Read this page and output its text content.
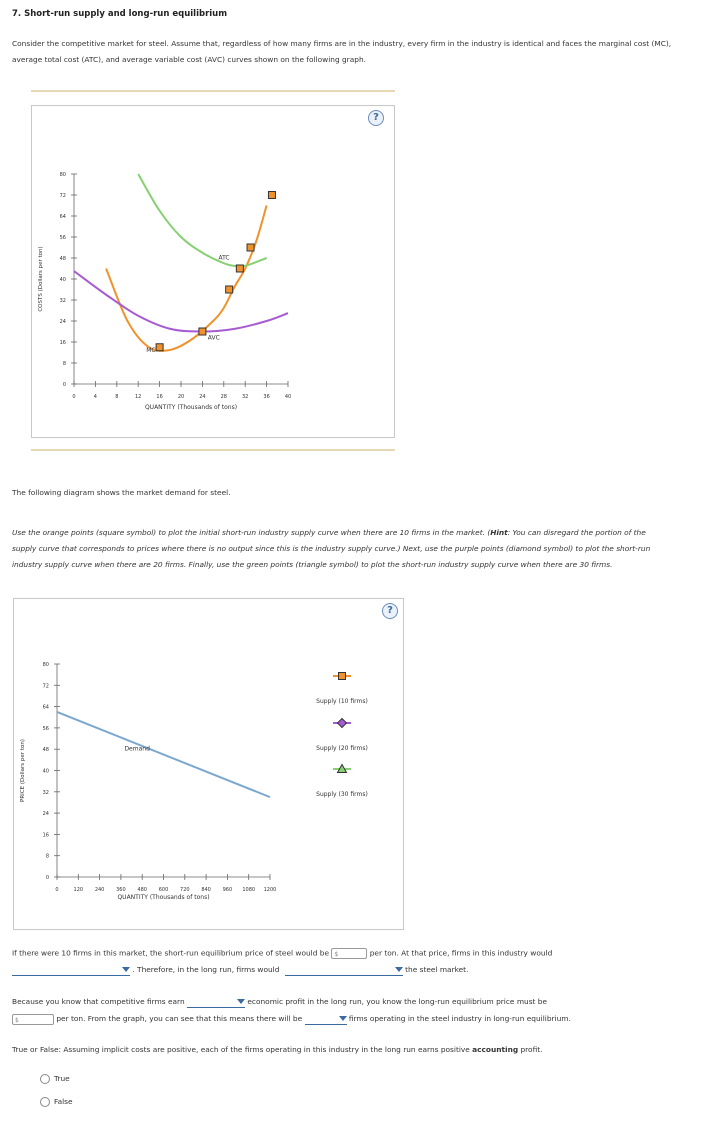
7. Short-run supply and long-run equilibrium
Consider the competitive market for steel. Assume that, regardless of how many firms are in the industry, every firm in the industry is identical and faces the marginal cost (MC), average total cost (ATC), and average variable cost (AVC) curves shown on the following graph.
?
80
72
64
56
48
40
32
24
16
8
0
0	4	8	12	16	20	24	28	32	36	40
MC
ATC
AVC
COSTS (Dollars per ton)
QUANTITY (Thousands of tons)
The following diagram shows the market demand for steel.
Use the orange points (square symbol) to plot the initial short-run industry supply curve when there are 10 firms in the market. (Hint: You can disregard the portion of the supply curve that corresponds to prices where there is no output since this is the industry supply curve.) Next, use the purple points (diamond symbol) to plot the short-run industry supply curve when there are 20 firms. Finally, use the green points (triangle symbol) to plot the short-run industry supply curve when there are 30 firms.
?
80
72
64
56
48
40
32
24
16
8
0
0	120 240 360 480 600 720 840 960 1080 1200
Demand
PRICE (Dollars per ton)
QUANTITY (Thousands of tons)
Supply (10 firms)
Supply (20 firms)
Supply (30 firms)
If there were 10 firms in this market, the short-run equilibrium price of steel would be $	per ton. At that price, firms in this industry would
. Therefore, in the long run, firms would	the steel market.
Because you know that competitive firms earn	economic profit in the long run, you know the long-run equilibrium price must be
$	per ton. From the graph, you can see that this means there will be	firms operating in the steel industry in long-run equilibrium.
True or False: Assuming implicit costs are positive, each of the firms operating in this industry in the long run earns positive accounting profit.
True
False
